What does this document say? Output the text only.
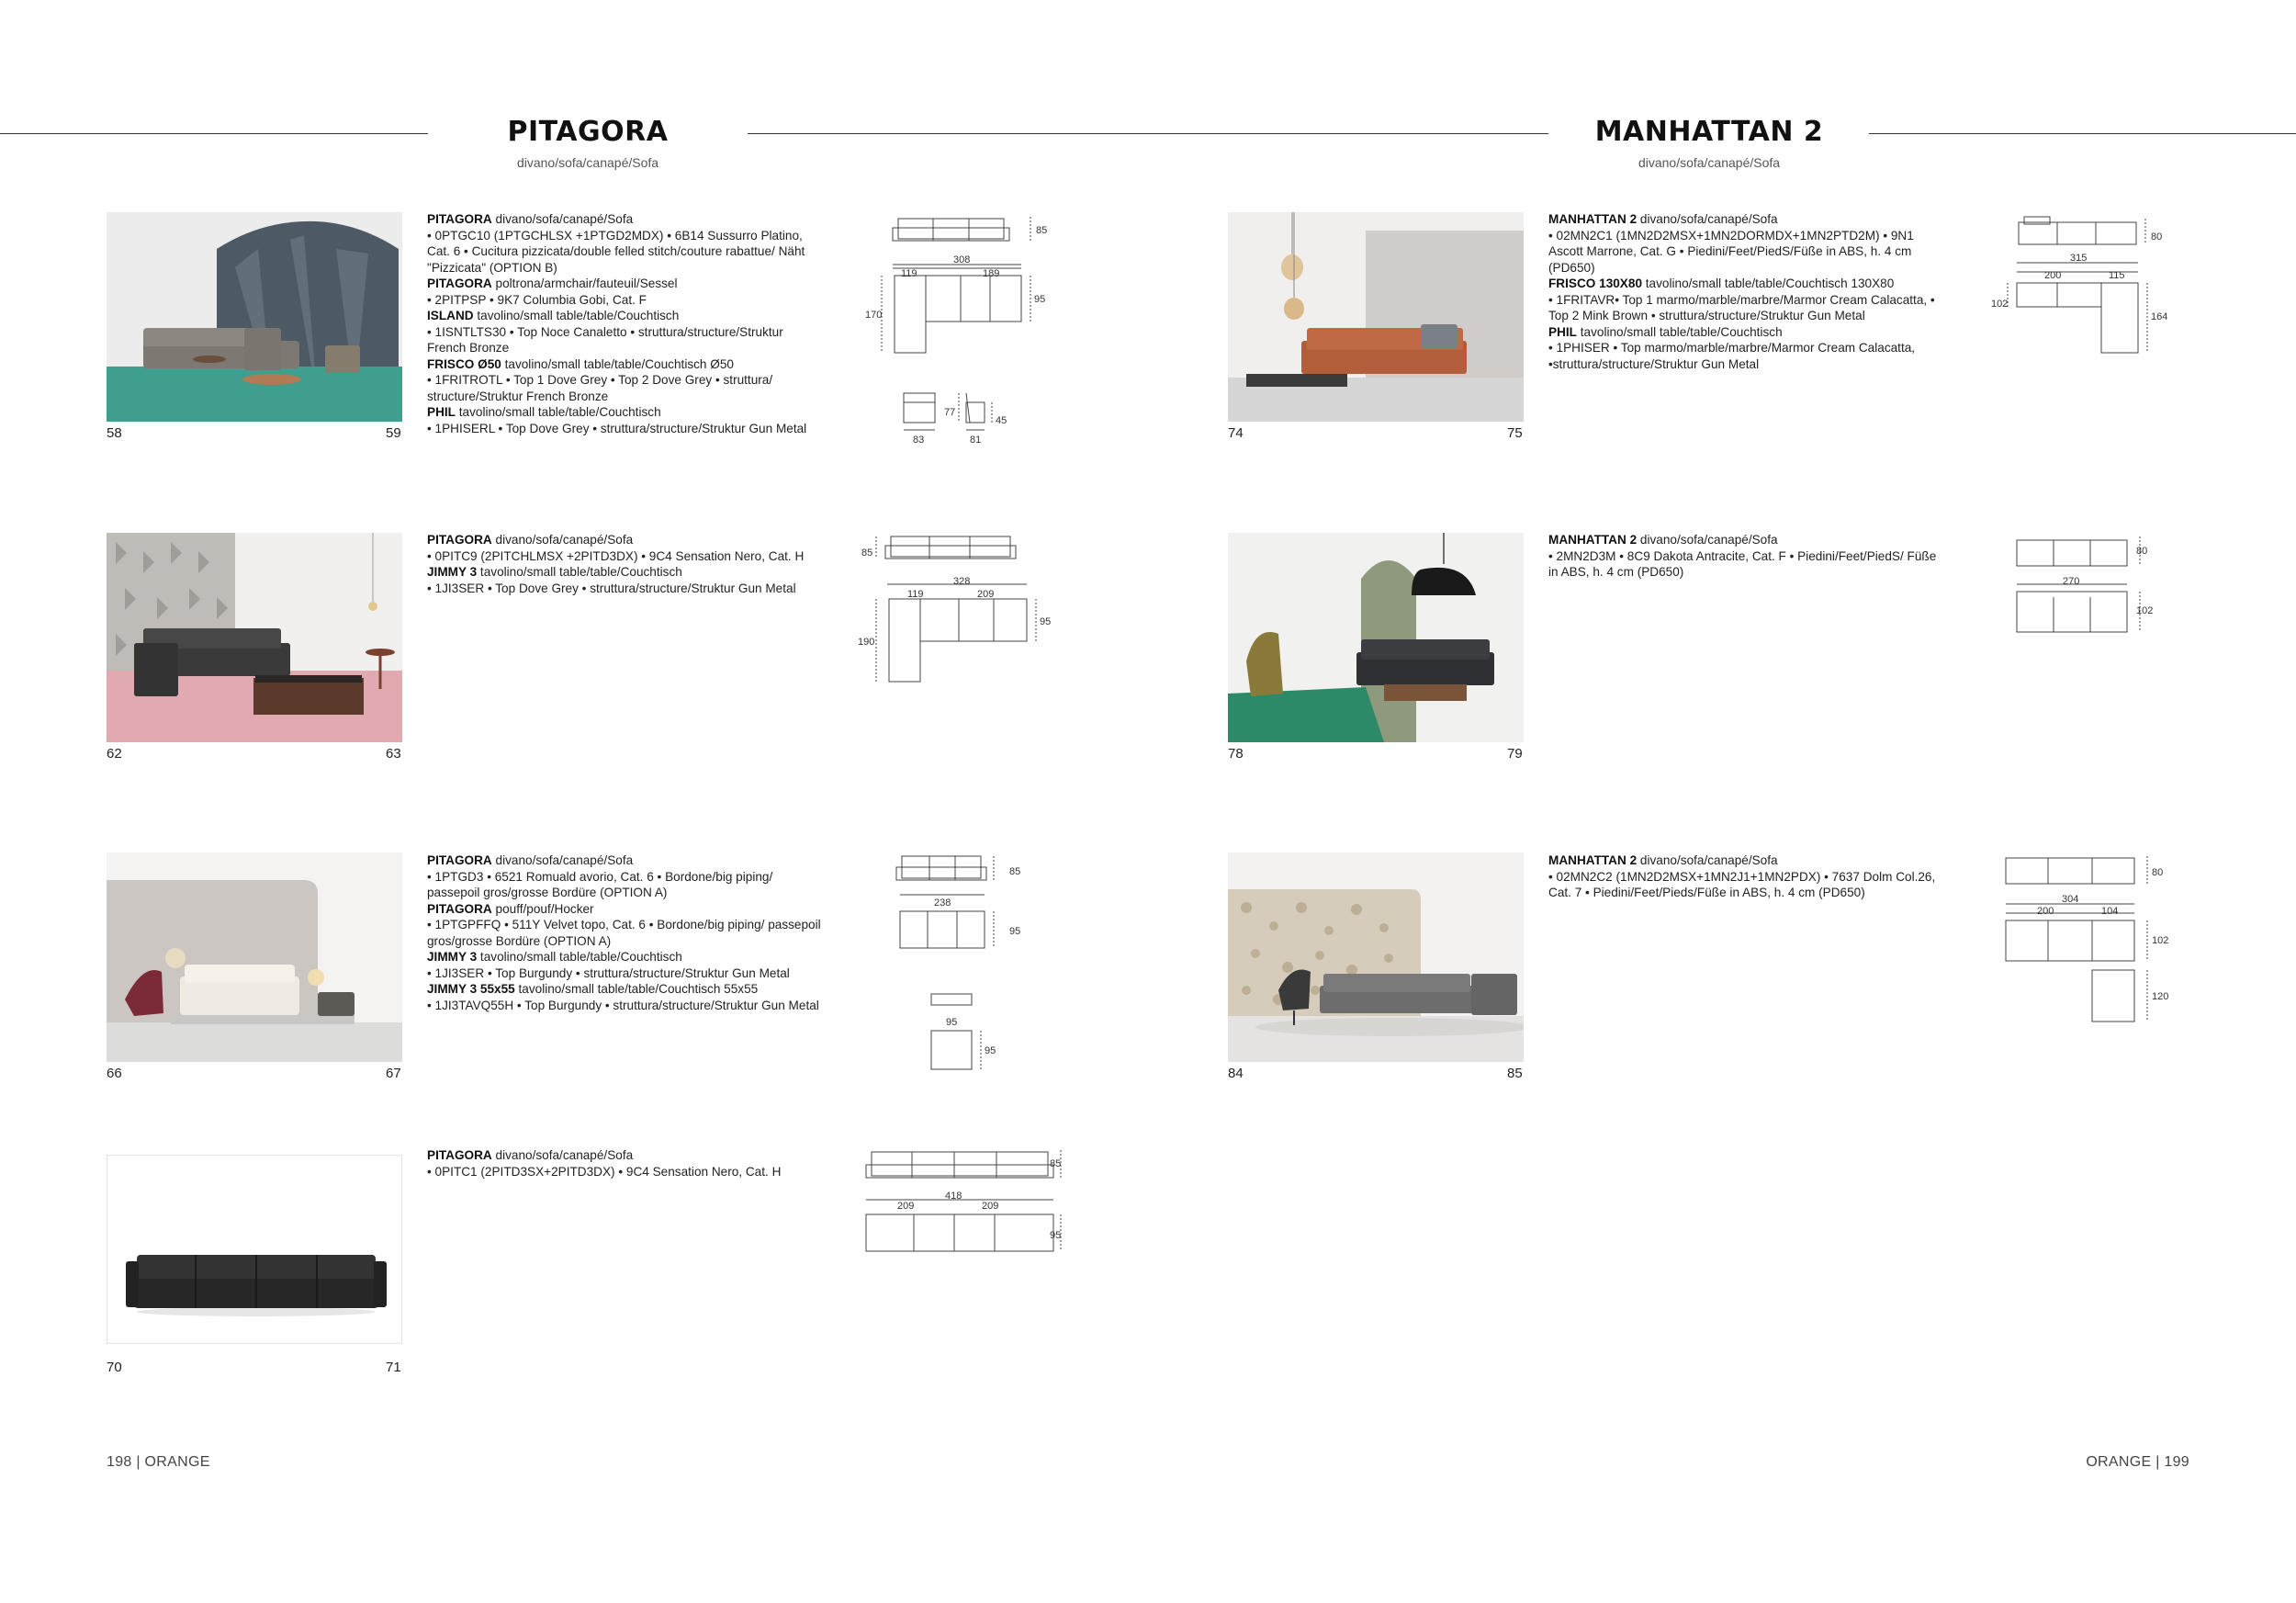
PITAGORA
divano/sofa/canapé/Sofa
MANHATTAN 2
divano/sofa/canapé/Sofa
58	59
62	63
66	67
70	71

PITAGORA divano/sofa/canapé/Sofa

• 0PTGC10 (1PTGCHLSX +1PTGD2MDX) • 6B14 Sussurro Platino, Cat. 6 • Cucitura pizzicata/double felled stitch/couture rabattue/ Näht "Pizzicata" (OPTION B)

PITAGORA poltrona/armchair/fauteuil/Sessel

• 2PITPSP • 9K7 Columbia Gobi, Cat. F

ISLAND tavolino/small table/table/Couchtisch

• 1ISNTLTS30 • Top Noce Canaletto • struttura/structure/Struktur French Bronze

FRISCO Ø50 tavolino/small table/table/Couchtisch Ø50

• 1FRITROTL • Top 1 Dove Grey • Top 2 Dove Grey • struttura/ structure/Struktur French Bronze

PHIL tavolino/small table/table/Couchtisch

• 1PHISERL • Top Dove Grey • struttura/structure/Struktur Gun Metal

PITAGORA divano/sofa/canapé/Sofa

• 0PITC9 (2PITCHLMSX +2PITD3DX) • 9C4 Sensation Nero, Cat. H

JIMMY 3 tavolino/small table/table/Couchtisch

• 1JI3SER • Top Dove Grey • struttura/structure/Struktur Gun Metal

PITAGORA divano/sofa/canapé/Sofa

• 1PTGD3 • 6521 Romuald avorio, Cat. 6 • Bordone/big piping/ passepoil gros/grosse Bordüre (OPTION A)

PITAGORA pouff/pouf/Hocker

• 1PTGPFFQ • 511Y Velvet topo, Cat. 6 • Bordone/big piping/ passepoil gros/grosse Bordüre (OPTION A)

JIMMY 3 tavolino/small table/table/Couchtisch

• 1JI3SER • Top Burgundy • struttura/structure/Struktur Gun Metal

JIMMY 3 55x55 tavolino/small table/table/Couchtisch 55x55

• 1JI3TAVQ55H • Top Burgundy • struttura/structure/Struktur Gun Metal

PITAGORA divano/sofa/canapé/Sofa

• 0PITC1 (2PITD3SX+2PITD3DX) • 9C4 Sensation Nero, Cat. H

85
308
119	189
95
170
77
45
83	81
85
328
119	209
95
190
85
238
95
95
95
85
418
209	209
95
74	75
78	79
84	85

MANHATTAN 2 divano/sofa/canapé/Sofa

• 02MN2C1 (1MN2D2MSX+1MN2DORMDX+1MN2PTD2M) • 9N1 Ascott Marrone, Cat. G • Piedini/Feet/PiedS/Füße in ABS, h. 4 cm (PD650)

FRISCO 130X80 tavolino/small table/table/Couchtisch 130X80

• 1FRITAVR• Top 1 marmo/marble/marbre/Marmor Cream Calacatta, • Top 2 Mink Brown • struttura/structure/Struktur Gun Metal

PHIL tavolino/small table/table/Couchtisch

• 1PHISER • Top marmo/marble/marbre/Marmor Cream Calacatta, •struttura/structure/Struktur Gun Metal

MANHATTAN 2 divano/sofa/canapé/Sofa

• 2MN2D3M • 8C9 Dakota Antracite, Cat. F • Piedini/Feet/PiedS/ Füße in ABS, h. 4 cm (PD650)

MANHATTAN 2 divano/sofa/canapé/Sofa

• 02MN2C2 (1MN2D2MSX+1MN2J1+1MN2PDX) • 7637 Dolm Col.26, Cat. 7 • Piedini/Feet/Pieds/Füße in ABS, h. 4 cm (PD650)

80
315
200	115
102
164
80
270
102
80
304
200	104
102
120
198 | ORANGE	ORANGE | 199
